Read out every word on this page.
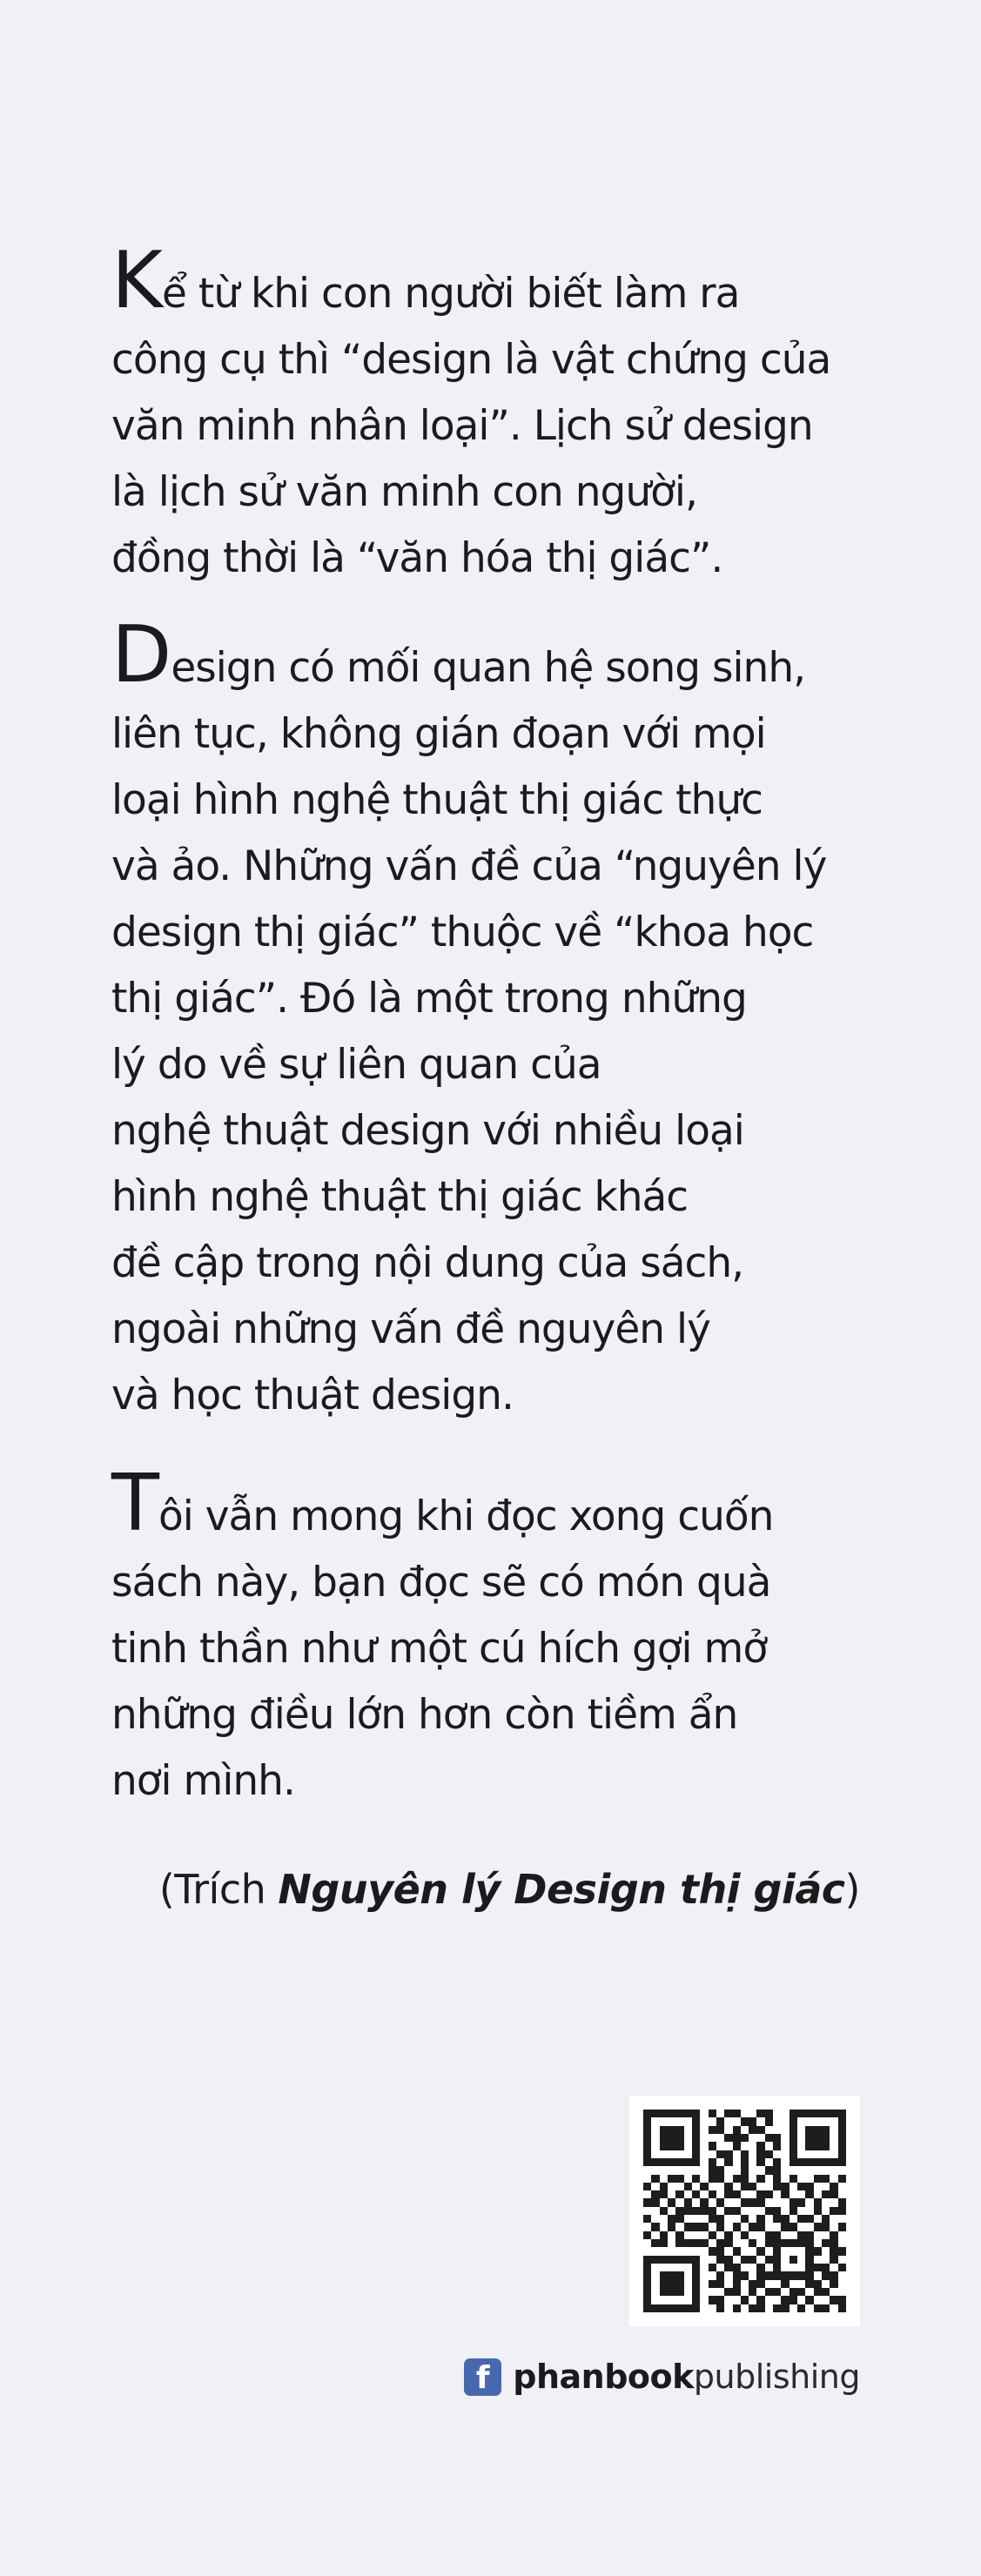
Kể từ khi con người biết làm ra
công cụ thì “design là vật chứng của
văn minh nhân loại”. Lịch sử design
là lịch sử văn minh con người,
đồng thời là “văn hóa thị giác”.

Design có mối quan hệ song sinh,
liên tục, không gián đoạn với mọi
loại hình nghệ thuật thị giác thực
và ảo. Những vấn đề của “nguyên lý
design thị giác” thuộc về “khoa học
thị giác”. Đó là một trong những
lý do về sự liên quan của
nghệ thuật design với nhiều loại
hình nghệ thuật thị giác khác
đề cập trong nội dung của sách,
ngoài những vấn đề nguyên lý
và học thuật design.

Tôi vẫn mong khi đọc xong cuốn
sách này, bạn đọc sẽ có món quà
tinh thần như một cú hích gợi mở
những điều lớn hơn còn tiềm ẩn
nơi mình.

(Trích Nguyên lý Design thị giác)
f phanbookpublishing
